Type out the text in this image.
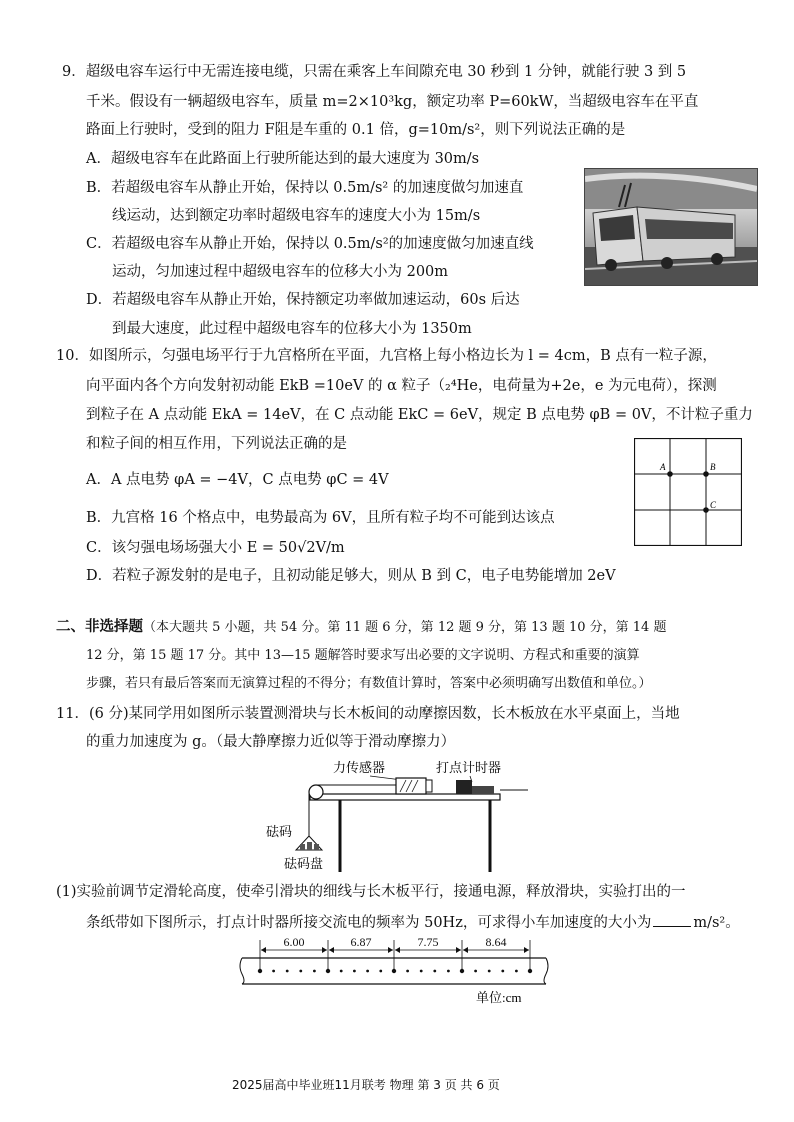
9．超级电容车运行中无需连接电缆，只需在乘客上车间隙充电 30 秒到 1 分钟，就能行驶 3 到 5
千米。假设有一辆超级电容车，质量 m=2×10³kg，额定功率 P=60kW，当超级电容车在平直
路面上行驶时，受到的阻力 F阻是车重的 0.1 倍，g=10m/s²，则下列说法正确的是
A．超级电容车在此路面上行驶所能达到的最大速度为 30m/s
B．若超级电容车从静止开始，保持以 0.5m/s² 的加速度做匀加速直
线运动，达到额定功率时超级电容车的速度大小为 15m/s
C．若超级电容车从静止开始，保持以 0.5m/s²的加速度做匀加速直线
运动，匀加速过程中超级电容车的位移大小为 200m
D．若超级电容车从静止开始，保持额定功率做加速运动，60s 后达
到最大速度，此过程中超级电容车的位移大小为 1350m
10．如图所示，匀强电场平行于九宫格所在平面，九宫格上每小格边长为 l = 4cm，B 点有一粒子源，
向平面内各个方向发射初动能 EkB =10eV 的 α 粒子（₂⁴He，电荷量为+2e，e 为元电荷），探测
到粒子在 A 点动能 EkA = 14eV，在 C 点动能 EkC = 6eV，规定 B 点电势 φB = 0V，不计粒子重力
和粒子间的相互作用，下列说法正确的是
A．A 点电势 φA = −4V，C 点电势 φC = 4V
B．九宫格 16 个格点中，电势最高为 6V，且所有粒子均不可能到达该点
C．该匀强电场场强大小 E = 50√2V/m
D．若粒子源发射的是电子，且初动能足够大，则从 B 到 C，电子电势能增加 2eV
A	B
C
二、非选择题（本大题共 5 小题，共 54 分。第 11 题 6 分，第 12 题 9 分，第 13 题 10 分，第 14 题
12 分，第 15 题 17 分。其中 13—15 题解答时要求写出必要的文字说明、方程式和重要的演算
步骤，若只有最后答案而无演算过程的不得分；有数值计算时，答案中必须明确写出数值和单位。）
11．(6 分)某同学用如图所示装置测滑块与长木板间的动摩擦因数，长木板放在水平桌面上，当地
的重力加速度为 g。（最大静摩擦力近似等于滑动摩擦力）
力传感器	打点计时器
砝码
砝码盘
(1)实验前调节定滑轮高度，使牵引滑块的细线与长木板平行，接通电源，释放滑块，实验打出的一
条纸带如下图所示，打点计时器所接交流电的频率为 50Hz，可求得小车加速度的大小为	m/s²。
6.00	6.87	7.75	8.64
单位:cm
2025届高中毕业班11月联考 物理 第 3 页 共 6 页
